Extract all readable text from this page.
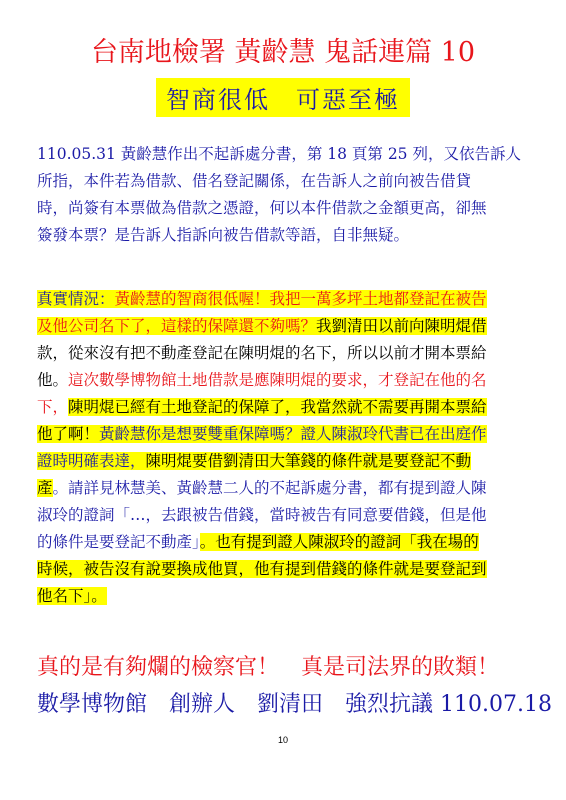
台南地檢署 黃齡慧 鬼話連篇 10
智商很低　可惡至極
110.05.31 黃齡慧作出不起訴處分書，第 18 頁第 25 列，又依告訴人
所指，本件若為借款、借名登記關係，在告訴人之前向被告借貸
時，尚簽有本票做為借款之憑證，何以本件借款之金額更高，卻無
簽發本票？是告訴人指訴向被告借款等語，自非無疑。
真實情況：黃齡慧的智商很低喔！我把一萬多坪土地都登記在被告
及他公司名下了，這樣的保障還不夠嗎？我劉清田以前向陳明焜借
款，從來沒有把不動產登記在陳明焜的名下，所以以前才開本票給
他。這次數學博物館土地借款是應陳明焜的要求，才登記在他的名
下，陳明焜已經有土地登記的保障了，我當然就不需要再開本票給
他了啊！黃齡慧你是想要雙重保障嗎？證人陳淑玲代書已在出庭作
證時明確表達，陳明焜要借劉清田大筆錢的條件就是要登記不動
產。請詳見林慧美、黃齡慧二人的不起訴處分書，都有提到證人陳
淑玲的證詞「…，去跟被告借錢，當時被告有同意要借錢，但是他
的條件是要登記不動產」。也有提到證人陳淑玲的證詞「我在場的
時候，被告沒有說要換成他買，他有提到借錢的條件就是要登記到
他名下」。
真的是有夠爛的檢察官！　真是司法界的敗類！
數學博物館　創辦人　劉清田　強烈抗議 110.07.18
10
